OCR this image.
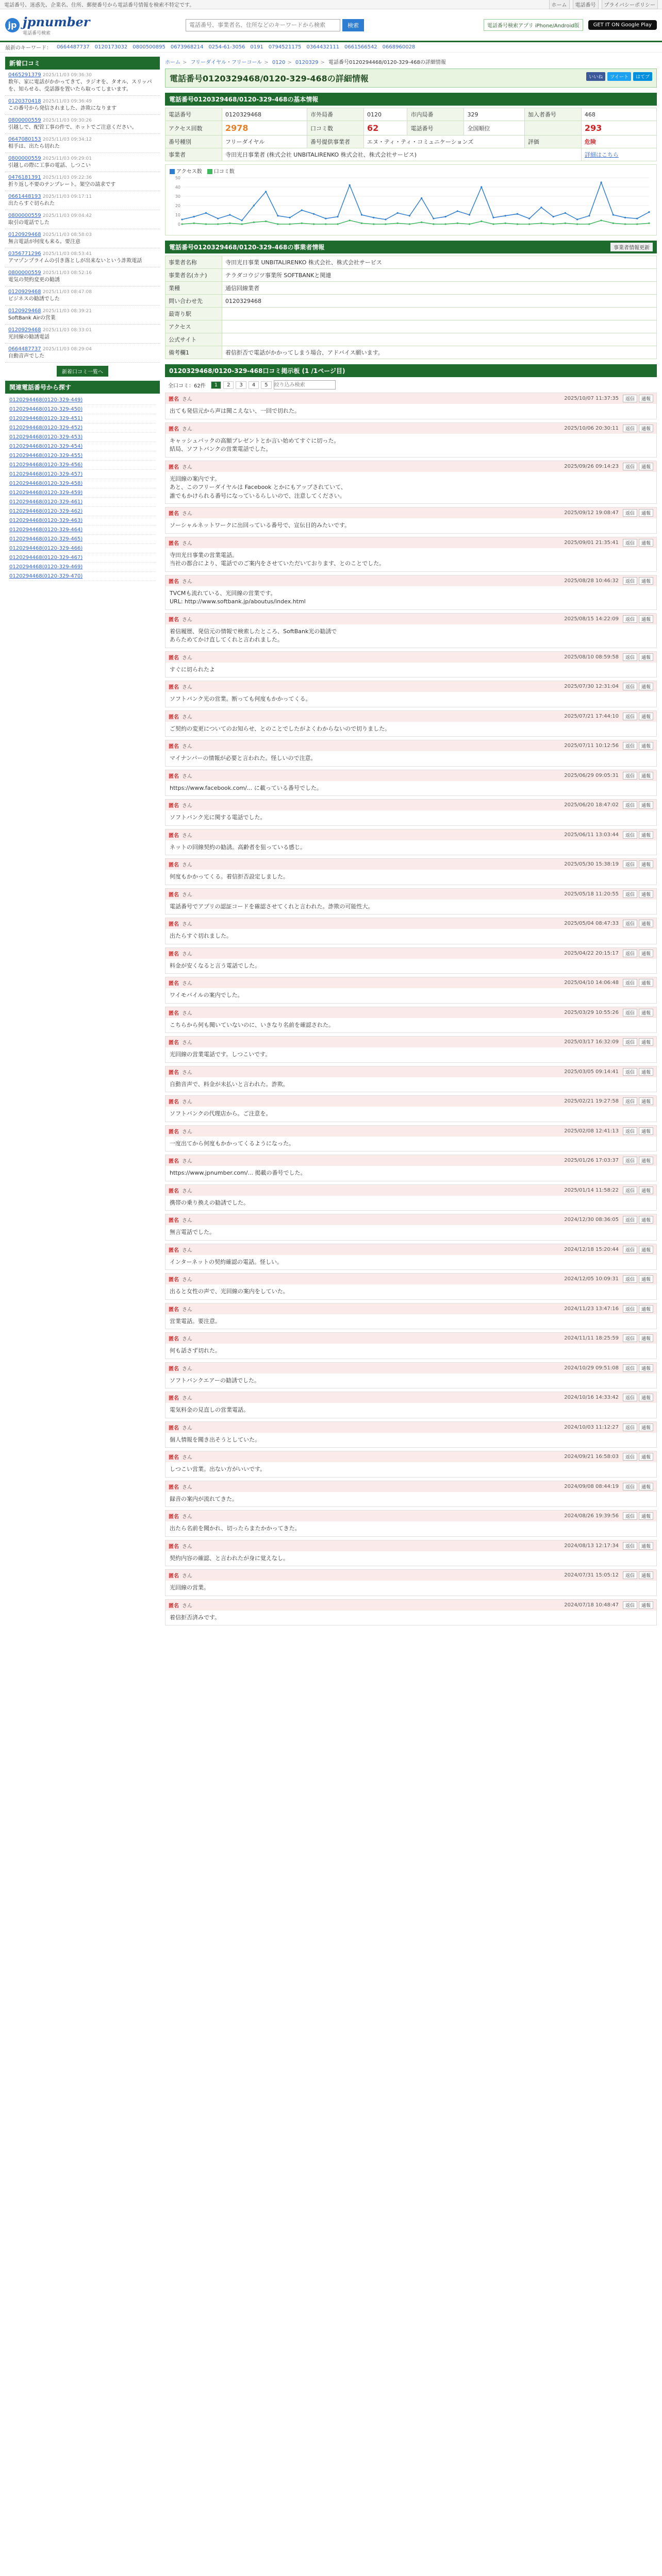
電話番号、迷惑先、企業名、住所、郵便番号から電話番号情報を検索不特定です。	ホーム	電話番号	プライバシーポリシー
jp jpnumber
電話番号検索
電話番号、事業者名、住所などのキーワードから検索
検索	電話番号検索アプリ iPhone/Android版	GET IT ON Google Play
最新のキーワード： 0664487737 0120173032 0800500895 0673968214 0254-61-3056 0191 0794521175 0364432111 0661566542 0668960028
新着口コミ
0465291379 2025/11/03 09:36:30
数年、家に電話がかかってきて、ラジオを、タオル、スリッパを、知らせる、受話器を置いたら取ってしまいます。
0120370418 2025/11/03 09:36:49
この番号から発信されました、詐欺になります
0800000559 2025/11/03 09:30:26
引越しで、配管工事の件で、ホットでご注意ください。
0647080153 2025/11/03 09:34:12
相手は、出たら切れた
0800000559 2025/11/03 09:29:01
引越しの際に工事の電話、しつこい
0476181391 2025/11/03 09:22:36
折り返し不要のテンプレート。架空の請求です
0661448193 2025/11/03 09:17:11
出たらすぐ切られた
0800000559 2025/11/03 09:04:42
取引の電話でした
0120929468 2025/11/03 08:58:03
無言電話が何度も来る。要注意
0356771296 2025/11/03 08:53:41
アマゾンプライムの引き落としが出来ないという詐欺電話
0800000559 2025/11/03 08:52:16
電気の契約変更の勧誘
0120929468 2025/11/03 08:47:08
ビジネスの勧誘でした
0120929468 2025/11/03 08:39:21
SoftBank Airの営業
0120929468 2025/11/03 08:33:01
光回線の勧誘電話
0664487737 2025/11/03 08:29:04
自動音声でした
新着口コミ一覧へ
関連電話番号から探す
0120294468(0120-329-449)
0120294468(0120-329-450)
0120294468(0120-329-451)
0120294468(0120-329-452)
0120294468(0120-329-453)
0120294468(0120-329-454)
0120294468(0120-329-455)
0120294468(0120-329-456)
0120294468(0120-329-457)
0120294468(0120-329-458)
0120294468(0120-329-459)
0120294468(0120-329-461)
0120294468(0120-329-462)
0120294468(0120-329-463)
0120294468(0120-329-464)
0120294468(0120-329-465)
0120294468(0120-329-466)
0120294468(0120-329-467)
0120294468(0120-329-469)
0120294468(0120-329-470)
ホーム > フリーダイヤル・フリーコール > 0120 > 0120329 > 電話番号0120294468/0120-329-468の詳細情報
電話番号0120329468/0120-329-468の詳細情報	いいね	ツイート	はてブ
電話番号0120329468/0120-329-468の基本情報
電話番号	0120329468	市外局番	0120	市内局番	329	加入者番号	468
アクセス回数	2978	口コミ数	62	電話番号	全国順位		293
番号種別	フリーダイヤル	番号提供事業者	エヌ・ティ・ティ・コミュニケーションズ			評価	危険
事業者	寺田光日事業者 (株式会社 UNBITALIRENKO 株式会社、株式会社サービス)						詳細はこちら
アクセス数	口コミ数
0
10
20
30
40
50
電話番号0120329468/0120-329-468の事業者情報	事業者情報更新
事業者名称	寺田光日事業 UNBITALIRENKO 株式会社、株式会社サービス
事業者名(カナ)	テラダコウジツ事業所 SOFTBANKと関連
業種	通信回線業者
問い合わせ先	0120329468
最寄り駅	
アクセス	
公式サイト	
備考欄1	着信拒否で電話がかかってしまう場合、アドバイス願います。
0120329468/0120-329-468口コミ掲示板 (1 /1ページ目)
全口コミ：62件	1	2	3	4	5
絞り込み検索
匿名 さん	2025/10/07 11:37:35	返信	通報
出ても発信元から声は聞こえない、一回で切れた。
匿名 さん	2025/10/06 20:30:11	返信	通報
キャッシュバックの高額プレゼントとか言い始めてすぐに切った。
結局、ソフトバンクの営業電話でした。
匿名 さん	2025/09/26 09:14:23	返信	通報
光回線の案内です。
あと、このフリーダイヤルは Facebook とかにもアップされていて、
誰でもかけられる番号になっているらしいので、注意してください。
匿名 さん	2025/09/12 19:08:47	返信	通報
ソーシャルネットワークに出回っている番号で、宣伝目的みたいです。
匿名 さん	2025/09/01 21:35:41	返信	通報
寺田光日事業の営業電話。
当社の都合により、電話でのご案内をさせていただいております、とのことでした。
匿名 さん	2025/08/28 10:46:32	返信	通報
TVCMも流れている、光回線の営業です。
URL: http://www.softbank.jp/aboutus/index.html
匿名 さん	2025/08/15 14:22:09	返信	通報
着信履歴、発信元の情報で検索したところ、SoftBank光の勧誘で
あらためてかけ直してくれと言われました。
匿名 さん	2025/08/10 08:59:58	返信	通報
すぐに切られたよ
匿名 さん	2025/07/30 12:31:04	返信	通報
ソフトバンク光の営業。断っても何度もかかってくる。
匿名 さん	2025/07/21 17:44:10	返信	通報
ご契約の変更についてのお知らせ、とのことでしたがよくわからないので切りました。
匿名 さん	2025/07/11 10:12:56	返信	通報
マイナンバーの情報が必要と言われた。怪しいので注意。
匿名 さん	2025/06/29 09:05:31	返信	通報
https://www.facebook.com/... に載っている番号でした。
匿名 さん	2025/06/20 18:47:02	返信	通報
ソフトバンク光に関する電話でした。
匿名 さん	2025/06/11 13:03:44	返信	通報
ネットの回線契約の勧誘。高齢者を狙っている感じ。
匿名 さん	2025/05/30 15:38:19	返信	通報
何度もかかってくる。着信拒否設定しました。
匿名 さん	2025/05/18 11:20:55	返信	通報
電話番号でアプリの認証コードを確認させてくれと言われた。詐欺の可能性大。
匿名 さん	2025/05/04 08:47:33	返信	通報
出たらすぐ切れました。
匿名 さん	2025/04/22 20:15:17	返信	通報
料金が安くなると言う電話でした。
匿名 さん	2025/04/10 14:06:48	返信	通報
ワイモバイルの案内でした。
匿名 さん	2025/03/29 10:55:26	返信	通報
こちらから何も聞いていないのに、いきなり名前を確認された。
匿名 さん	2025/03/17 16:32:09	返信	通報
光回線の営業電話です。しつこいです。
匿名 さん	2025/03/05 09:14:41	返信	通報
自動音声で、料金が未払いと言われた。詐欺。
匿名 さん	2025/02/21 19:27:58	返信	通報
ソフトバンクの代理店から。ご注意を。
匿名 さん	2025/02/08 12:41:13	返信	通報
一度出てから何度もかかってくるようになった。
匿名 さん	2025/01/26 17:03:37	返信	通報
https://www.jpnumber.com/... 掲載の番号でした。
匿名 さん	2025/01/14 11:58:22	返信	通報
携帯の乗り換えの勧誘でした。
匿名 さん	2024/12/30 08:36:05	返信	通報
無言電話でした。
匿名 さん	2024/12/18 15:20:44	返信	通報
インターネットの契約確認の電話。怪しい。
匿名 さん	2024/12/05 10:09:31	返信	通報
出ると女性の声で、光回線の案内をしていた。
匿名 さん	2024/11/23 13:47:16	返信	通報
営業電話。要注意。
匿名 さん	2024/11/11 18:25:59	返信	通報
何も話さず切れた。
匿名 さん	2024/10/29 09:51:08	返信	通報
ソフトバンクエアーの勧誘でした。
匿名 さん	2024/10/16 14:33:42	返信	通報
電気料金の見直しの営業電話。
匿名 さん	2024/10/03 11:12:27	返信	通報
個人情報を聞き出そうとしていた。
匿名 さん	2024/09/21 16:58:03	返信	通報
しつこい営業。出ない方がいいです。
匿名 さん	2024/09/08 08:44:19	返信	通報
録音の案内が流れてきた。
匿名 さん	2024/08/26 19:39:56	返信	通報
出たら名前を聞かれ、切ったらまたかかってきた。
匿名 さん	2024/08/13 12:17:34	返信	通報
契約内容の確認、と言われたが身に覚えなし。
匿名 さん	2024/07/31 15:05:12	返信	通報
光回線の営業。
匿名 さん	2024/07/18 10:48:47	返信	通報
着信拒否済みです。
